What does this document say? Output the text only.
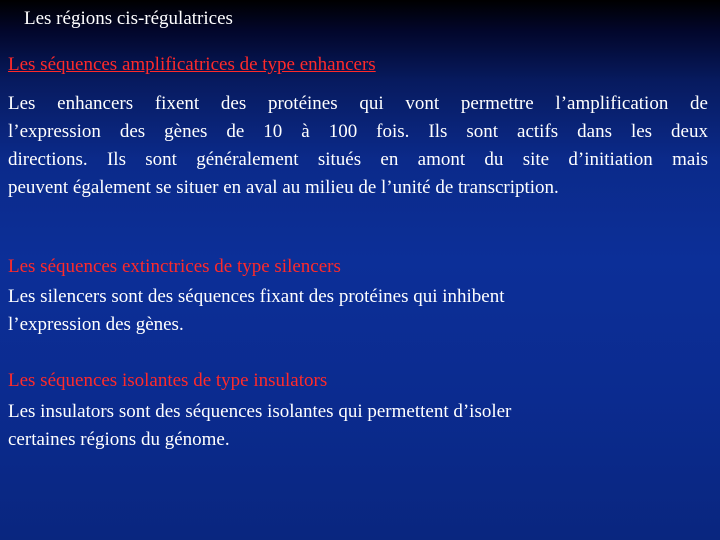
Les régions cis-régulatrices
Les séquences amplificatrices de type enhancers
Les enhancers fixent des protéines qui vont permettre l’amplification de
l’expression des gènes de 10 à 100 fois. Ils sont actifs dans les deux
directions. Ils sont généralement situés en amont du site d’initiation mais
peuvent également se situer en aval au milieu de l’unité de transcription.
Les séquences extinctrices de type silencers
Les silencers sont des séquences fixant des protéines qui inhibent
l’expression des gènes.
Les séquences isolantes de type insulators
Les insulators sont des séquences isolantes qui permettent d’isoler
certaines régions du génome.
